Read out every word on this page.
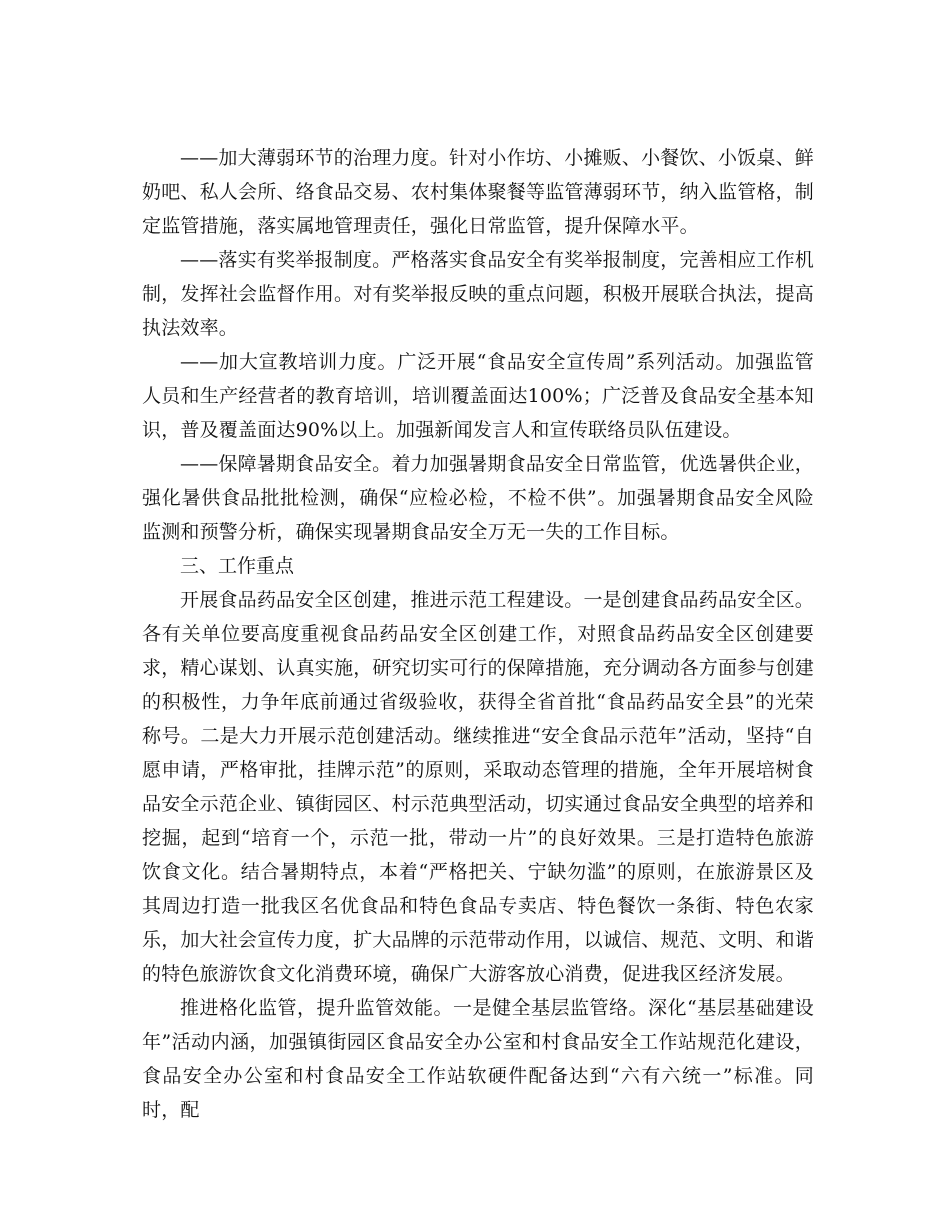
——加大薄弱环节的治理力度。针对小作坊、小摊贩、小餐饮、小饭桌、鲜奶吧、私人会所、络食品交易、农村集体聚餐等监管薄弱环节，纳入监管格，制定监管措施，落实属地管理责任，强化日常监管，提升保障水平。

——落实有奖举报制度。严格落实食品安全有奖举报制度，完善相应工作机制，发挥社会监督作用。对有奖举报反映的重点问题，积极开展联合执法，提高执法效率。

——加大宣教培训力度。广泛开展“食品安全宣传周”系列活动。加强监管人员和生产经营者的教育培训，培训覆盖面达100%；广泛普及食品安全基本知识，普及覆盖面达90%以上。加强新闻发言人和宣传联络员队伍建设。

——保障暑期食品安全。着力加强暑期食品安全日常监管，优选暑供企业，强化暑供食品批批检测，确保“应检必检，不检不供”。加强暑期食品安全风险监测和预警分析，确保实现暑期食品安全万无一失的工作目标。

三、工作重点

开展食品药品安全区创建，推进示范工程建设。一是创建食品药品安全区。各有关单位要高度重视食品药品安全区创建工作，对照食品药品安全区创建要求，精心谋划、认真实施，研究切实可行的保障措施，充分调动各方面参与创建的积极性，力争年底前通过省级验收，获得全省首批“食品药品安全县”的光荣称号。二是大力开展示范创建活动。继续推进“安全食品示范年”活动，坚持“自愿申请，严格审批，挂牌示范”的原则，采取动态管理的措施，全年开展培树食品安全示范企业、镇街园区、村示范典型活动，切实通过食品安全典型的培养和挖掘，起到“培育一个，示范一批，带动一片”的良好效果。三是打造特色旅游饮食文化。结合暑期特点，本着“严格把关、宁缺勿滥”的原则，在旅游景区及其周边打造一批我区名优食品和特色食品专卖店、特色餐饮一条街、特色农家乐，加大社会宣传力度，扩大品牌的示范带动作用，以诚信、规范、文明、和谐的特色旅游饮食文化消费环境，确保广大游客放心消费，促进我区经济发展。

推进格化监管，提升监管效能。一是健全基层监管络。深化“基层基础建设年”活动内涵，加强镇街园区食品安全办公室和村食品安全工作站规范化建设，食品安全办公室和村食品安全工作站软硬件配备达到“六有六统一”标准。同时，配
